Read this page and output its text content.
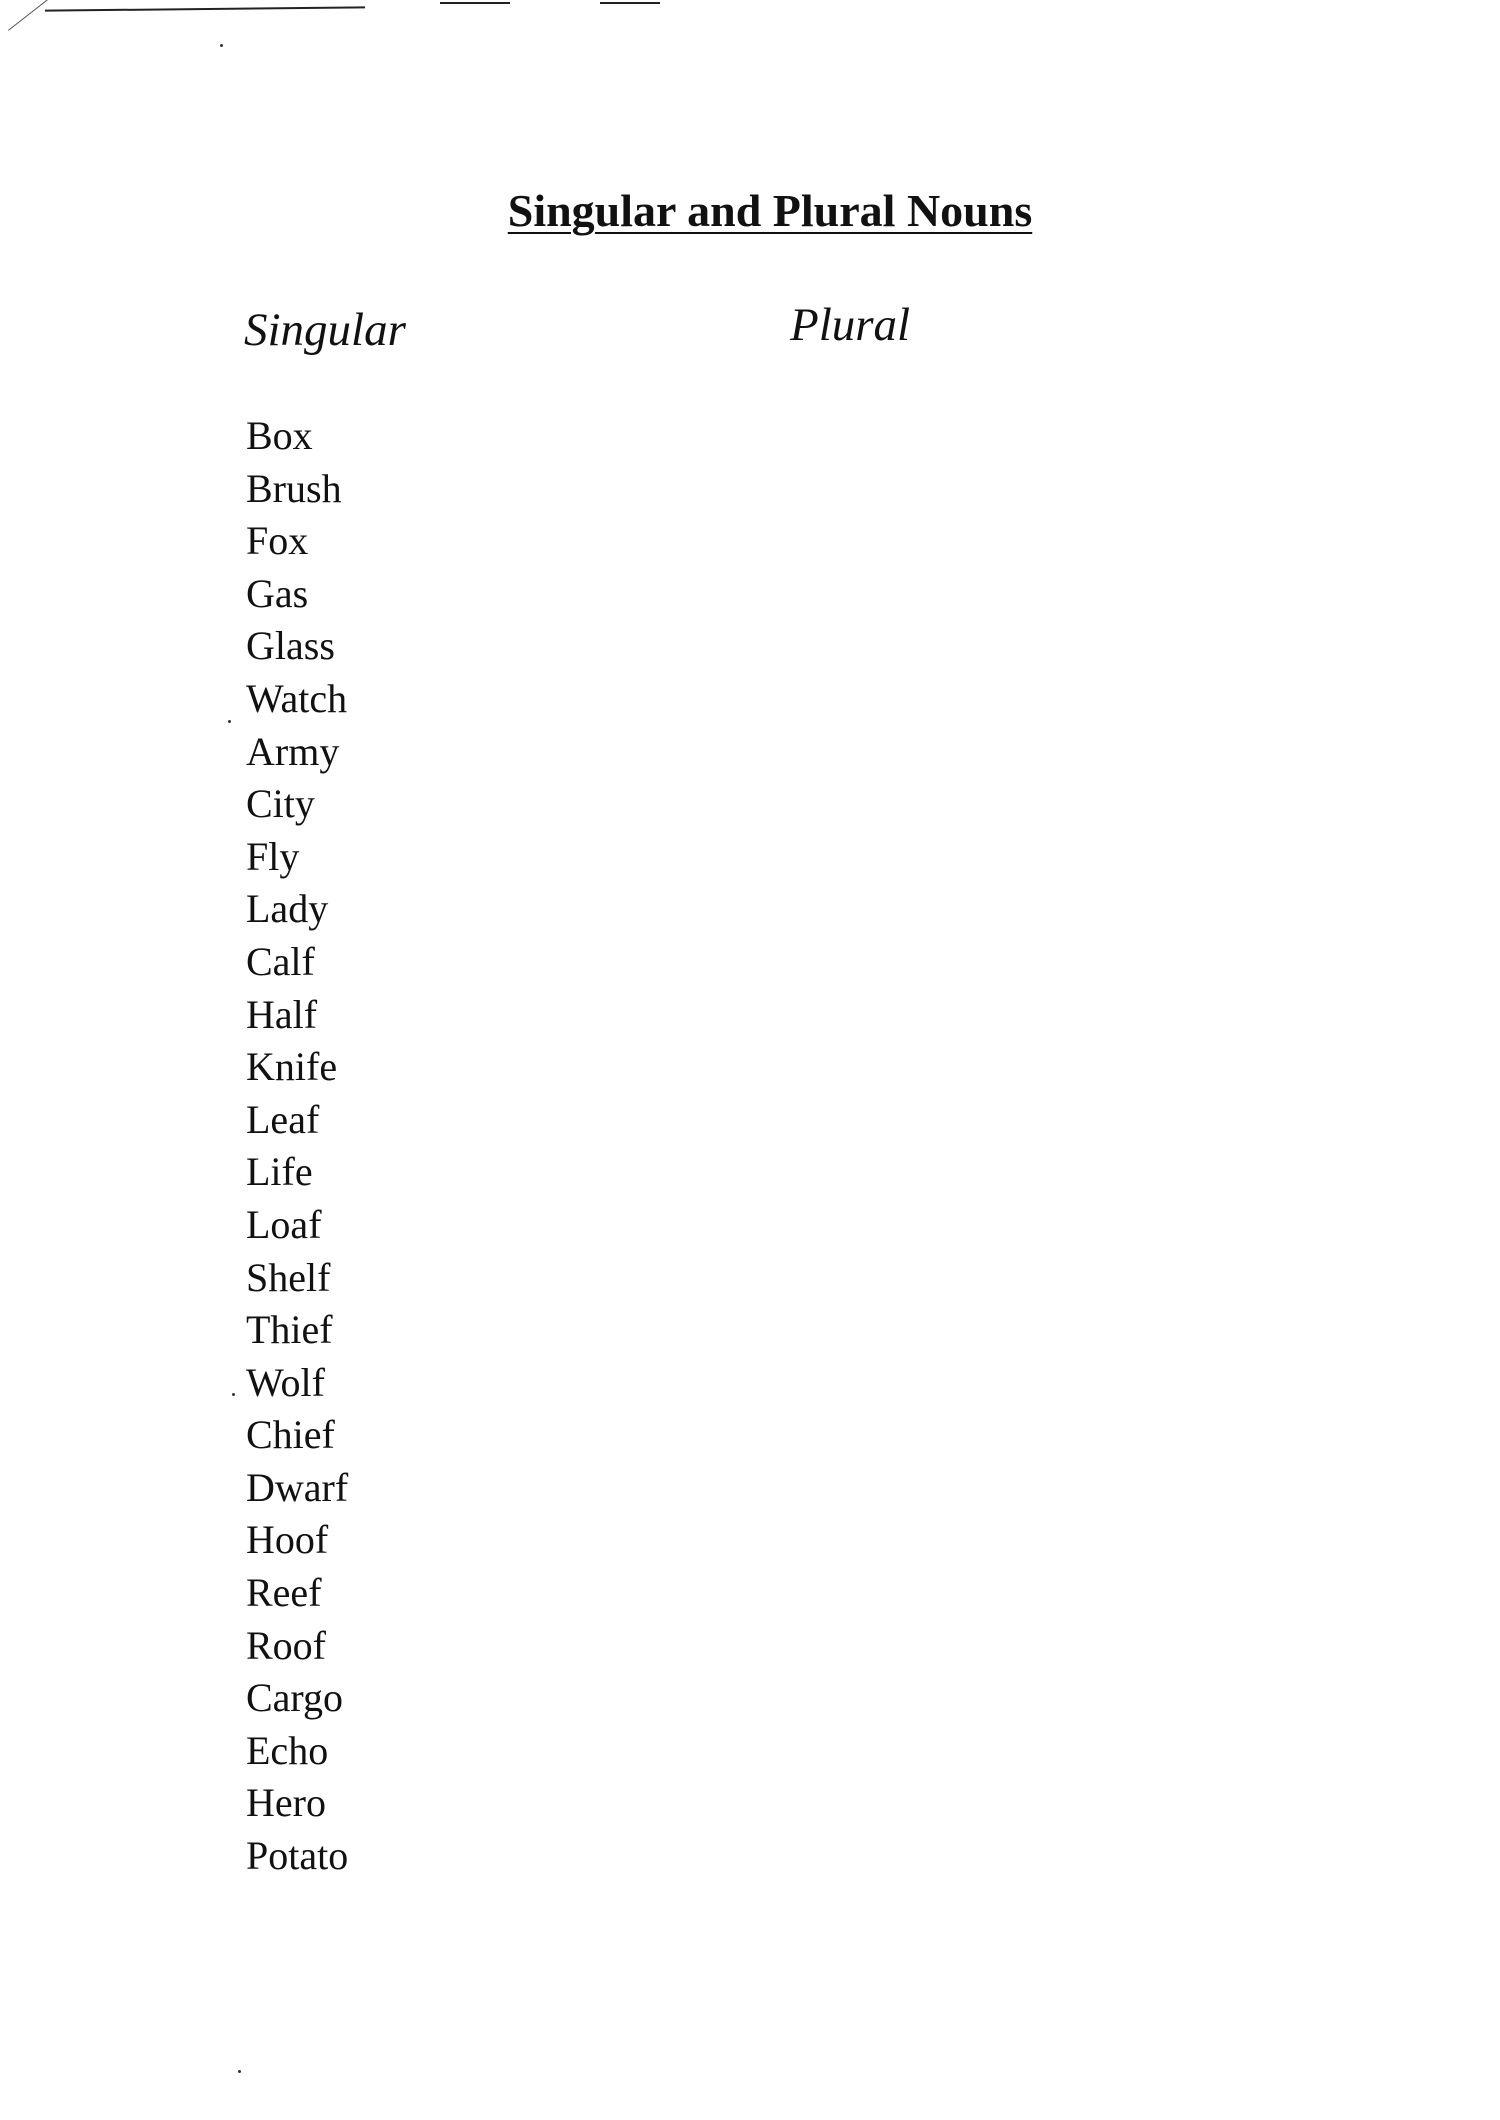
Singular and Plural Nouns
Singular	Plural
Box
Brush
Fox
Gas
Glass
Watch
Army
City
Fly
Lady
Calf
Half
Knife
Leaf
Life
Loaf
Shelf
Thief
Wolf
Chief
Dwarf
Hoof
Reef
Roof
Cargo
Echo
Hero
Potato
